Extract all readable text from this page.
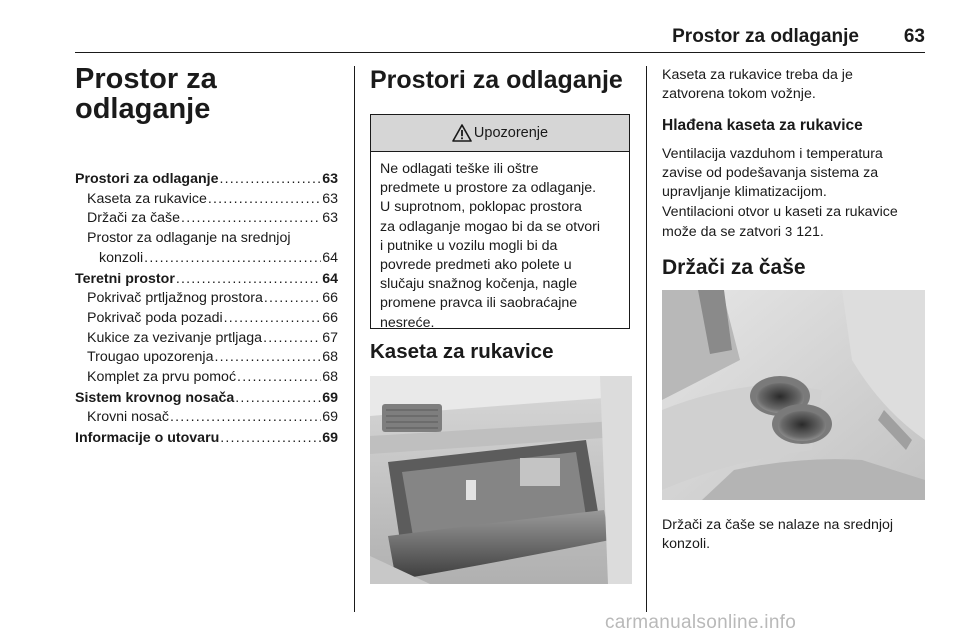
Prostor za odlaganje 63
Prostor za
odlaganje
Prostori za odlaganje .....	63
Kaseta za rukavice .....	63
Držači za čaše .....	63
Prostor za odlaganje na srednjoj
konzoli .....	64
Teretni prostor .....	64
Pokrivač prtljažnog prostora .....	66
Pokrivač poda pozadi .....	66
Kukice za vezivanje prtljaga .....	67
Trougao upozorenja .....	68
Komplet za prvu pomoć .....	68
Sistem krovnog nosača .....	69
Krovni nosač .....	69
Informacije o utovaru .....	69
Prostori za odlaganje
Upozorenje
Ne odlagati teške ili oštre
predmete u prostore za odlaganje.
U suprotnom, poklopac prostora
za odlaganje mogao bi da se otvori
i putnike u vozilu mogli bi da
povrede predmeti ako polete u
slučaju snažnog kočenja, nagle
promene pravca ili saobraćajne
nesreće.
Kaseta za rukavice

Kaseta za rukavice treba da je
zatvorena tokom vožnje.

Hlađena kaseta za rukavice

Ventilacija vazduhom i temperatura
zavise od podešavanja sistema za
upravljanje klimatizacijom.
Ventilacioni otvor u kaseti za rukavice
može da se zatvori 3 121.

Držači za čaše

Držači za čaše se nalaze na srednjoj
konzoli.

carmanualsonline.info
